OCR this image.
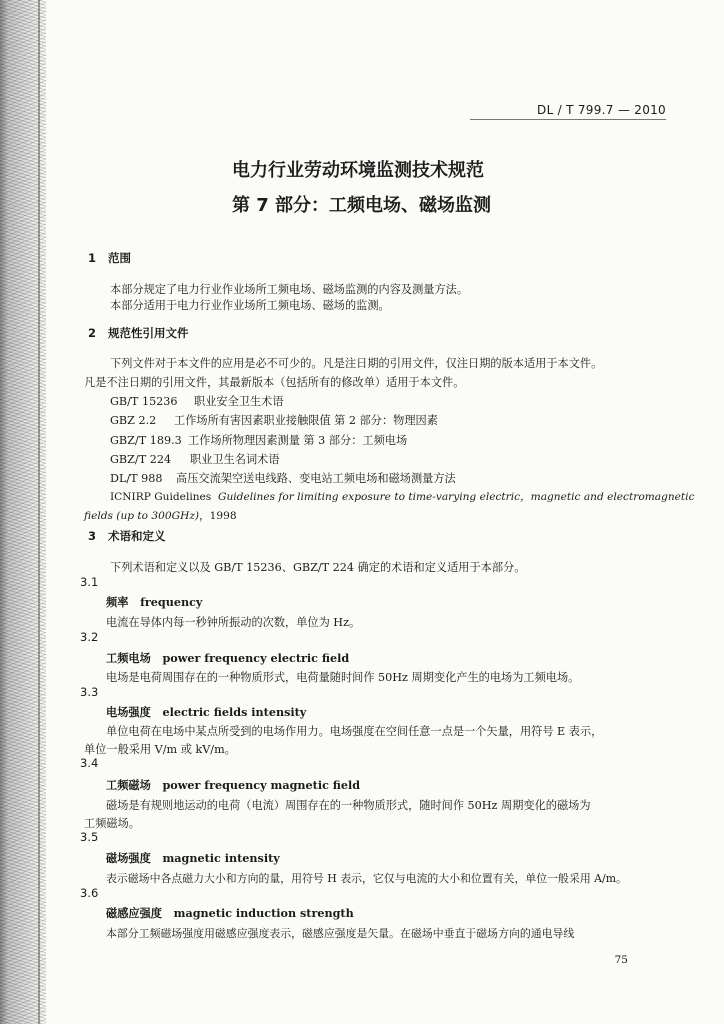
DL / T 799.7 — 2010
电力行业劳动环境监测技术规范
第 7 部分：工频电场、磁场监测
1 范围
本部分规定了电力行业作业场所工频电场、磁场监测的内容及测量方法。
本部分适用于电力行业作业场所工频电场、磁场的监测。
2 规范性引用文件
下列文件对于本文件的应用是必不可少的。凡是注日期的引用文件，仅注日期的版本适用于本文件。
凡是不注日期的引用文件，其最新版本（包括所有的修改单）适用于本文件。
GB/T 15236 职业安全卫生术语
GBZ 2.2 工作场所有害因素职业接触限值 第 2 部分：物理因素
GBZ/T 189.3 工作场所物理因素测量 第 3 部分：工频电场
GBZ/T 224 职业卫生名词术语
DL/T 988 高压交流架空送电线路、变电站工频电场和磁场测量方法
ICNIRP Guidelines Guidelines for limiting exposure to time-varying electric，magnetic and electromagnetic
fields (up to 300GHz)，1998
3 术语和定义
下列术语和定义以及 GB/T 15236、GBZ/T 224 确定的术语和定义适用于本部分。
3.1
频率 frequency
电流在导体内每一秒钟所振动的次数，单位为 Hz。
3.2
工频电场 power frequency electric field
电场是电荷周围存在的一种物质形式，电荷量随时间作 50Hz 周期变化产生的电场为工频电场。
3.3
电场强度 electric fields intensity
单位电荷在电场中某点所受到的电场作用力。电场强度在空间任意一点是一个矢量，用符号 E 表示，
单位一般采用 V/m 或 kV/m。
3.4
工频磁场 power frequency magnetic field
磁场是有规则地运动的电荷（电流）周围存在的一种物质形式，随时间作 50Hz 周期变化的磁场为
工频磁场。
3.5
磁场强度 magnetic intensity
表示磁场中各点磁力大小和方向的量，用符号 H 表示，它仅与电流的大小和位置有关，单位一般采用 A/m。
3.6
磁感应强度 magnetic induction strength
本部分工频磁场强度用磁感应强度表示，磁感应强度是矢量。在磁场中垂直于磁场方向的通电导线
75
